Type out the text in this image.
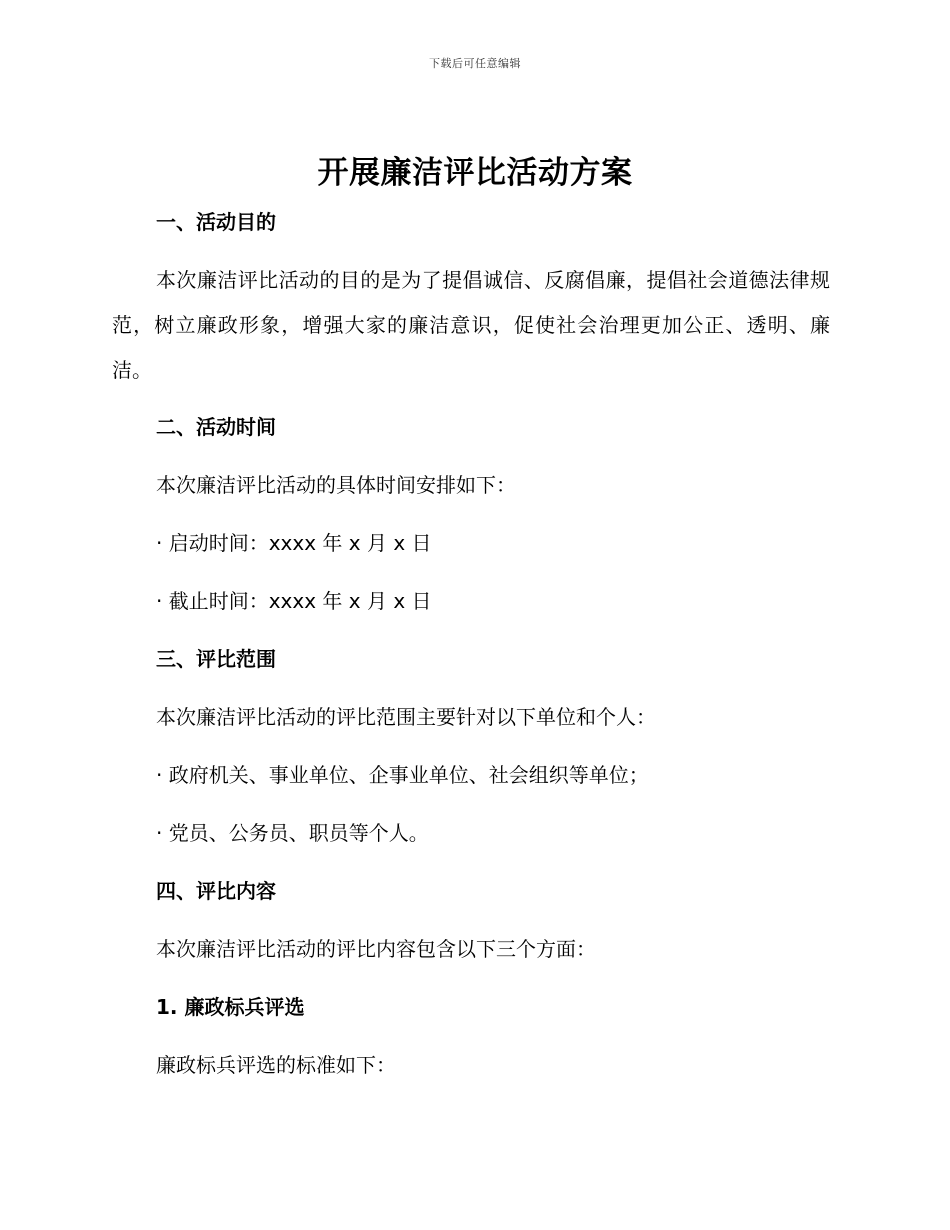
下载后可任意编辑
开展廉洁评比活动方案
一、活动目的

本次廉洁评比活动的目的是为了提倡诚信、反腐倡廉，提倡社会道德法律规范，树立廉政形象，增强大家的廉洁意识，促使社会治理更加公正、透明、廉洁。

二、活动时间
本次廉洁评比活动的具体时间安排如下：
· 启动时间：xxxx 年 x 月 x 日
· 截止时间：xxxx 年 x 月 x 日
三、评比范围
本次廉洁评比活动的评比范围主要针对以下单位和个人：
· 政府机关、事业单位、企事业单位、社会组织等单位；
· 党员、公务员、职员等个人。
四、评比内容
本次廉洁评比活动的评比内容包含以下三个方面：
1. 廉政标兵评选
廉政标兵评选的标准如下：
